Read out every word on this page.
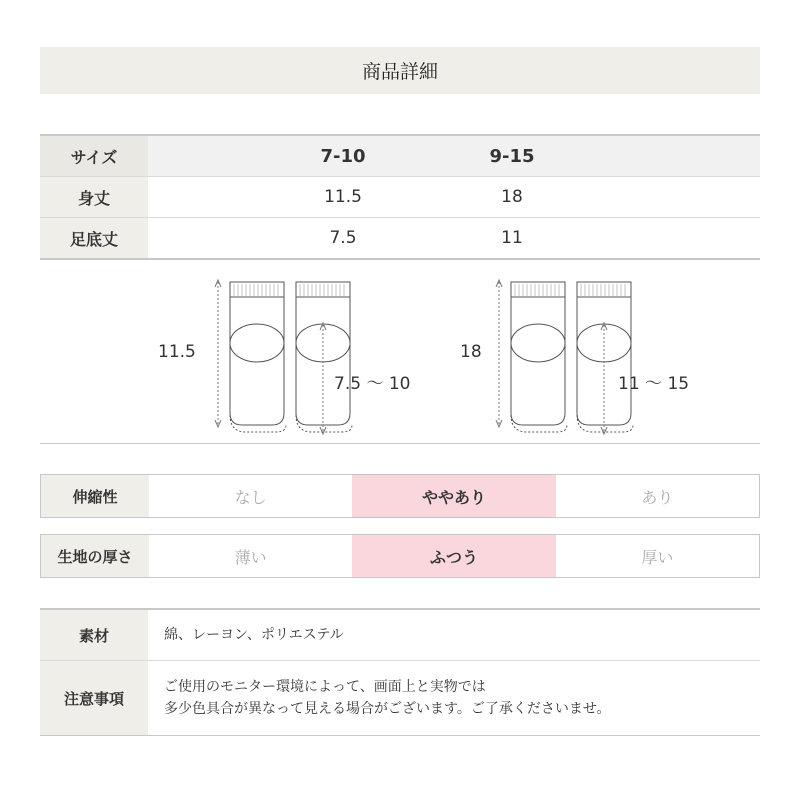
商品詳細
サイズ	7-10	9-15
身丈	11.5	18
足底丈	7.5	11
11.5
7.5 ～ 10
18
11 ～ 15
伸縮性	なし	ややあり	あり
生地の厚さ	薄い	ふつう	厚い
素材	綿、レーヨン、ポリエステル
注意事項
ご使用のモニター環境によって、画面上と実物では
多少色具合が異なって見える場合がございます。ご了承くださいませ。
